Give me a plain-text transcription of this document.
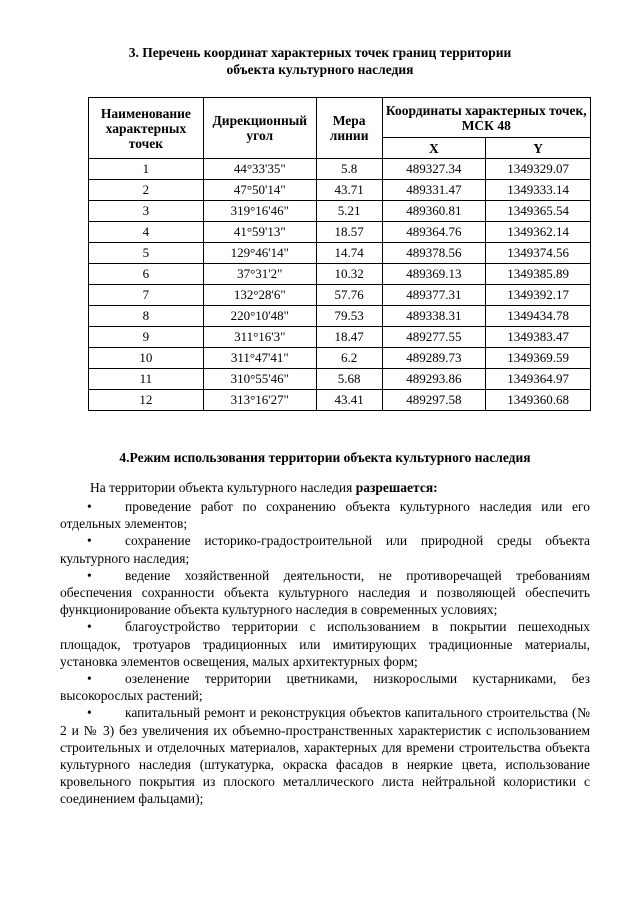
3. Перечень координат характерных точек границ территории
объекта культурного наследия
Наименование характерных точек	Дирекционный угол	Мера линии	Координаты характерных точек, МСК 48	
			X	Y
1	44°33'35"	5.8	489327.34	1349329.07
2	47°50'14"	43.71	489331.47	1349333.14
3	319°16'46"	5.21	489360.81	1349365.54
4	41°59'13"	18.57	489364.76	1349362.14
5	129°46'14"	14.74	489378.56	1349374.56
6	37°31'2"	10.32	489369.13	1349385.89
7	132°28'6"	57.76	489377.31	1349392.17
8	220°10'48"	79.53	489338.31	1349434.78
9	311°16'3"	18.47	489277.55	1349383.47
10	311°47'41"	6.2	489289.73	1349369.59
11	310°55'46"	5.68	489293.86	1349364.97
12	313°16'27"	43.41	489297.58	1349360.68
4.Режим использования территории объекта культурного наследия
На территории объекта культурного наследия разрешается:

• проведение работ по сохранению объекта культурного наследия или его отдельных элементов;

• сохранение историко-градостроительной или природной среды объекта культурного наследия;

• ведение хозяйственной деятельности, не противоречащей требованиям обеспечения сохранности объекта культурного наследия и позволяющей обеспечить функционирование объекта культурного наследия в современных условиях;

• благоустройство территории с использованием в покрытии пешеходных площадок, тротуаров традиционных или имитирующих традиционные материалы, установка элементов освещения, малых архитектурных форм;

• озеленение территории цветниками, низкорослыми кустарниками, без высокорослых растений;

• капитальный ремонт и реконструкция объектов капитального строительства (№ 2 и № 3) без увеличения их объемно-пространственных характеристик с использованием строительных и отделочных материалов, характерных для времени строительства объекта культурного наследия (штукатурка, окраска фасадов в неяркие цвета, использование кровельного покрытия из плоского металлического листа нейтральной колористики с соединением фальцами);
